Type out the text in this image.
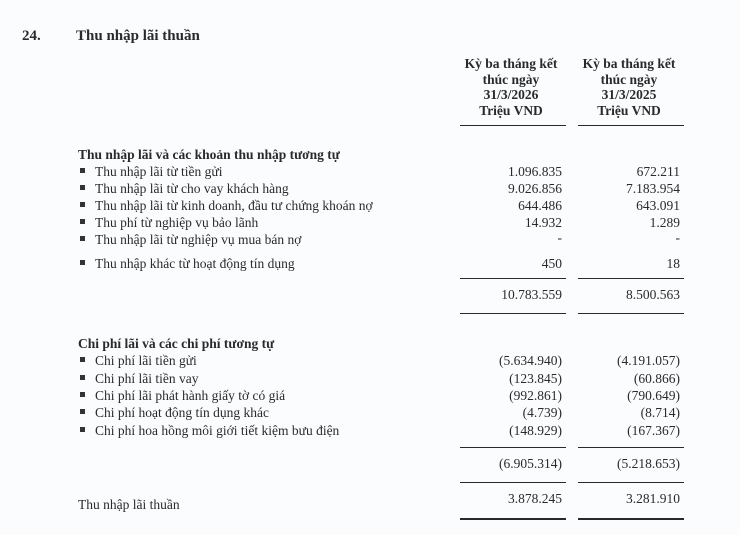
24. Thu nhập lãi thuần
Kỳ ba tháng kết
thúc ngày
31/3/2026
Triệu VND
Kỳ ba tháng kết
thúc ngày
31/3/2025
Triệu VND
Thu nhập lãi và các khoản thu nhập tương tự
Thu nhập lãi từ tiền gửi	1.096.835	672.211
Thu nhập lãi từ cho vay khách hàng	9.026.856	7.183.954
Thu nhập lãi từ kinh doanh, đầu tư chứng khoán nợ	644.486	643.091
Thu phí từ nghiệp vụ bảo lãnh	14.932	1.289
Thu nhập lãi từ nghiệp vụ mua bán nợ	-	-
Thu nhập khác từ hoạt động tín dụng	450	18
10.783.559	8.500.563
Chi phí lãi và các chi phí tương tự
Chi phí lãi tiền gửi	(5.634.940)	(4.191.057)
Chi phí lãi tiền vay	(123.845)	(60.866)
Chi phí lãi phát hành giấy tờ có giá	(992.861)	(790.649)
Chi phí hoạt động tín dụng khác	(4.739)	(8.714)
Chi phí hoa hồng môi giới tiết kiệm bưu điện	(148.929)	(167.367)
(6.905.314)	(5.218.653)
Thu nhập lãi thuần	3.878.245	3.281.910
